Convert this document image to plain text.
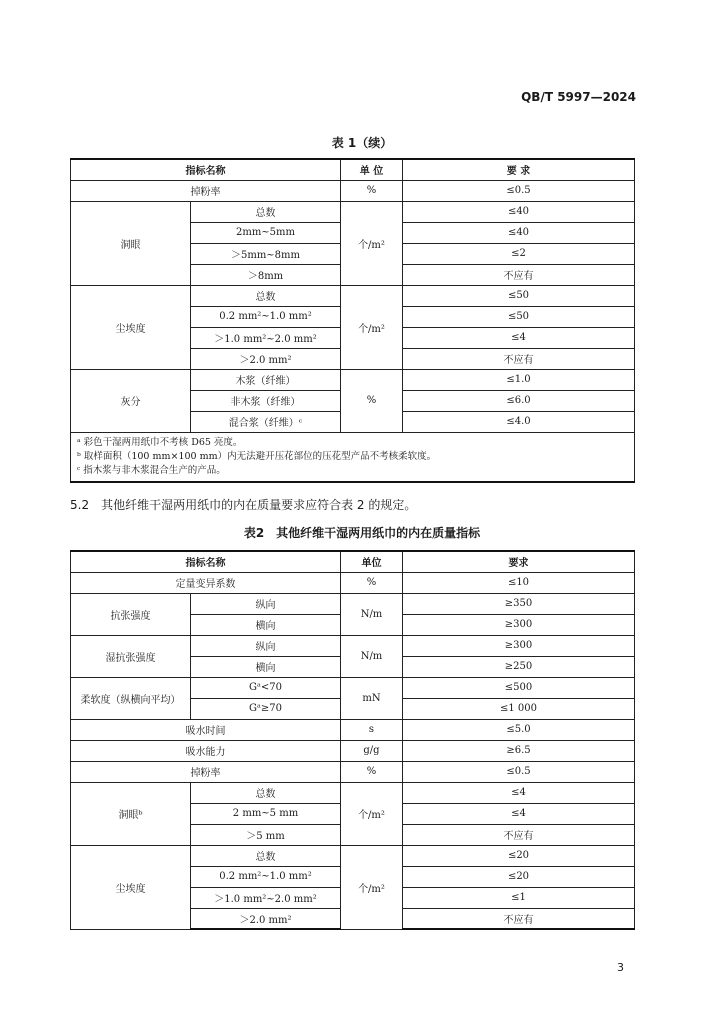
QB/T 5997—2024
表 1（续）
指标名称		单 位	要 求
掉粉率		%	≤0.5
洞眼	总数	个/m²	≤40
	2mm~5mm		≤40
	＞5mm~8mm		≤2
	＞8mm		不应有
尘埃度	总数	个/m²	≤50
	0.2 mm²~1.0 mm²		≤50
	＞1.0 mm²~2.0 mm²		≤4
	＞2.0 mm²		不应有
灰分	木浆（纤维）	%	≤1.0
	非木浆（纤维）		≤6.0
	混合浆（纤维）ᶜ		≤4.0

ᵃ 彩色干湿两用纸巾不考核 D65 亮度。
ᵇ 取样面积（100 mm×100 mm）内无法避开压花部位的压花型产品不考核柔软度。
ᶜ 指木浆与非木浆混合生产的产品。			
5.2　其他纤维干湿两用纸巾的内在质量要求应符合表 2 的规定。
表2　其他纤维干湿两用纸巾的内在质量指标
指标名称		单位	要求
定量变异系数		%	≤10
抗张强度	纵向	N/m	≥350
	横向		≥300
湿抗张强度	纵向	N/m	≥300
	横向		≥250
柔软度（纵横向平均）	Gᵃ<70	mN	≤500
	Gᵃ≥70		≤1 000
吸水时间		s	≤5.0
吸水能力		g/g	≥6.5
掉粉率		%	≤0.5
洞眼ᵇ	总数	个/m²	≤4
	2 mm~5 mm		≤4
	＞5 mm		不应有
尘埃度	总数	个/m²	≤20
	0.2 mm²~1.0 mm²		≤20
	＞1.0 mm²~2.0 mm²		≤1
	＞2.0 mm²		不应有
3
